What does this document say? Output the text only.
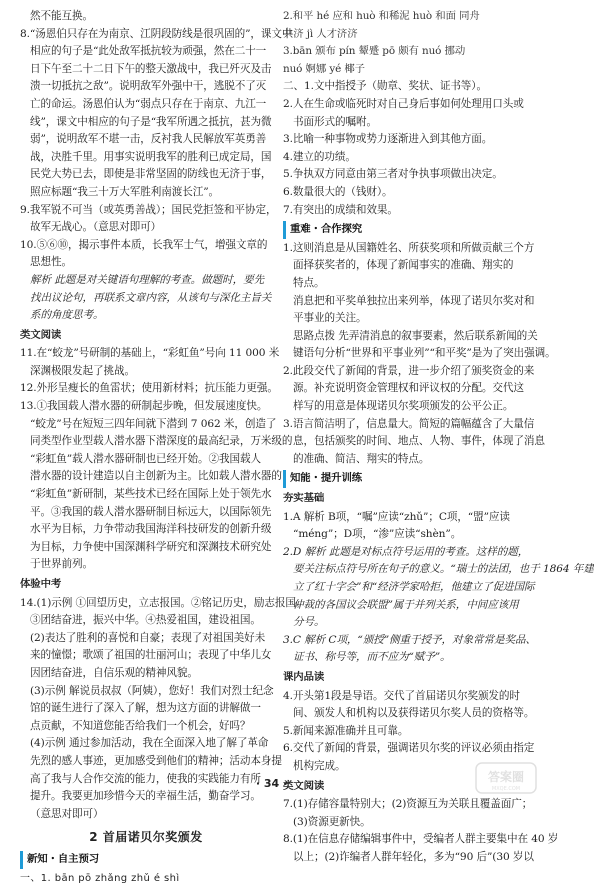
然不能互换。
8.“汤恩伯只存在为南京、江阴段防线是很巩固的”，课文中
相应的句子是“此处敌军抵抗较为顽强，然在二十一
日下午至二十二日下午的整天激战中，我已歼灭及击
溃一切抵抗之敌”。说明敌军外强中干，逃脱不了灭
亡的命运。汤恩伯认为“弱点只存在于南京、九江一
线”，课文中相应的句子是“我军所遇之抵抗，甚为微
弱”，说明敌军不堪一击，反衬我人民解放军英勇善
战，决胜千里。用事实说明我军的胜利已成定局，国
民党大势已去，即使是非常坚固的防线也无济于事，
照应标题“我三十万大军胜利南渡长江”。
9.我军锐不可当（或英勇善战）；国民党拒签和平协定，
故军无战心。（意思对即可）
10.⑤⑥⑩，揭示事件本质，长我军士气，增强文章的
思想性。
解析 此题是对关键语句理解的考查。做题时，要先
找出议论句，再联系文章内容，从该句与深化主旨关
系的角度思考。
类文阅读
11.在“蛟龙”号研制的基础上，“彩虹鱼”号向 11 000 米
深渊极限发起了挑战。
12.外形呈瘦长的鱼雷状；使用新材料；抗压能力更强。
13.①我国载人潜水器的研制起步晚，但发展速度快。
“蛟龙”号在短短三四年间就下潜到 7 062 米，创造了
同类型作业型载人潜水器下潜深度的最高纪录，万米级的
“彩虹鱼”载人潜水器研制也已经开始。②我国载人
潜水器的设计建造以自主创新为主。比如载人潜水器的
“彩虹鱼”新研制，某些技术已经在国际上处于领先水
平。③我国的载人潜水器研制目标远大，以国际领先
水平为目标，力争带动我国海洋科技研发的创新升级
为目标，力争使中国深渊科学研究和深渊技术研究处
于世界前列。
体验中考
14.(1)示例 ①回望历史，立志报国。②铭记历史，励志报国。
③团结奋进，振兴中华。④热爱祖国，建设祖国。
(2)表达了胜利的喜悦和自豪；表现了对祖国美好未
来的憧憬；歌颂了祖国的壮丽河山；表现了中华儿女
因团结奋进，自信乐观的精神风貌。
(3)示例 解说员叔叔（阿姨），您好！我们对烈士纪念
馆的诞生进行了深入了解，想为这方面的讲解做一
点贡献，不知道您能否给我们一个机会，好吗？
(4)示例 通过参加活动，我在全面深入地了解了革命
先烈的感人事迹，更加感受到他们的精神；活动本身提
高了我与人合作交流的能力，使我的实践能力有所
提升。我要更加珍惜今天的幸福生活，勤奋学习。
（意思对即可）
2 首届诺贝尔奖颁发
新知・自主预习
一、1. bān pō zhǎng zhǔ é shì
2.和平 hé 应和 huò 和稀泥 huò 和面 同舟
共济 jì 人才济济
3.bān 颁布 pín 颦蹙 pō 颇有 nuó 挪动
nuó 婀娜 yé 椰子
二、1.文中指授予（勋章、奖状、证书等）。
2.人在生命或临死时对自己身后事如何处理用口头或
书面形式的嘱咐。
3.比喻一种事物或势力逐渐进入到其他方面。
4.建立的功绩。
5.争执双方同意由第三者对争执事项做出决定。
6.数量很大的（钱财）。
7.有突出的成绩和效果。
重难・合作探究
1.这则消息是从国籍姓名、所获奖项和所做贡献三个方
面择获奖者的，体现了新闻事实的准确、翔实的
特点。
消息把和平奖单独拉出来列举，体现了诺贝尔奖对和
平事业的关注。
思路点拨 先弄清消息的叙事要素，然后联系新闻的关
键语句分析“世界和平事业列”“和平奖”是为了突出强调。
2.此段交代了新闻的背景，进一步介绍了颁奖资金的来
源。补充说明资金管理权和评议权的分配。交代这
样写的用意是体现诺贝尔奖项颁发的公平公正。
3.语言简洁明了，信息量大。简短的篇幅蕴含了大量信
息，包括颁奖的时间、地点、人物、事件，体现了消息
的准确、简洁、翔实的特点。
知能・提升训练
夯实基础
1.A 解析 B项，“嘱”应读“zhǔ”；C项，“盟”应读
“méng”；D项，“渗”应读“shèn”。
2.D 解析 此题是对标点符号运用的考查。这样的题，
要关注标点符号所在句子的意义。“瑞士的法团，也于 1864 年建
立了红十字会”和“经济学家哈拒，他建立了促进国际
仲裁的各国议会联盟”属于并列关系，中间应该用
分号。
3.C 解析 C项，“颁授”侧重于授予，对象常常是奖品、
证书、称号等，而不应为“赋予”。
课内品读
4.开头第1段是导语。交代了首届诺贝尔奖颁发的时
间、颁发人和机构以及获得诺贝尔奖人员的资格等。
5.新闻来源准确并且可靠。
6.交代了新闻的背景，强调诺贝尔奖的评议必须由指定
机构完成。
类文阅读
7.(1)存储容量特别大；(2)资源互为关联且覆盖面广；
(3)资源更新快。
8.(1)在信息存储编辑事件中，受编者人群主要集中在 40 岁
以上；(2)诈编者人群年轻化，多为“90 后”(30 岁以
· 34 ·	答案圈
MXQE.COM
